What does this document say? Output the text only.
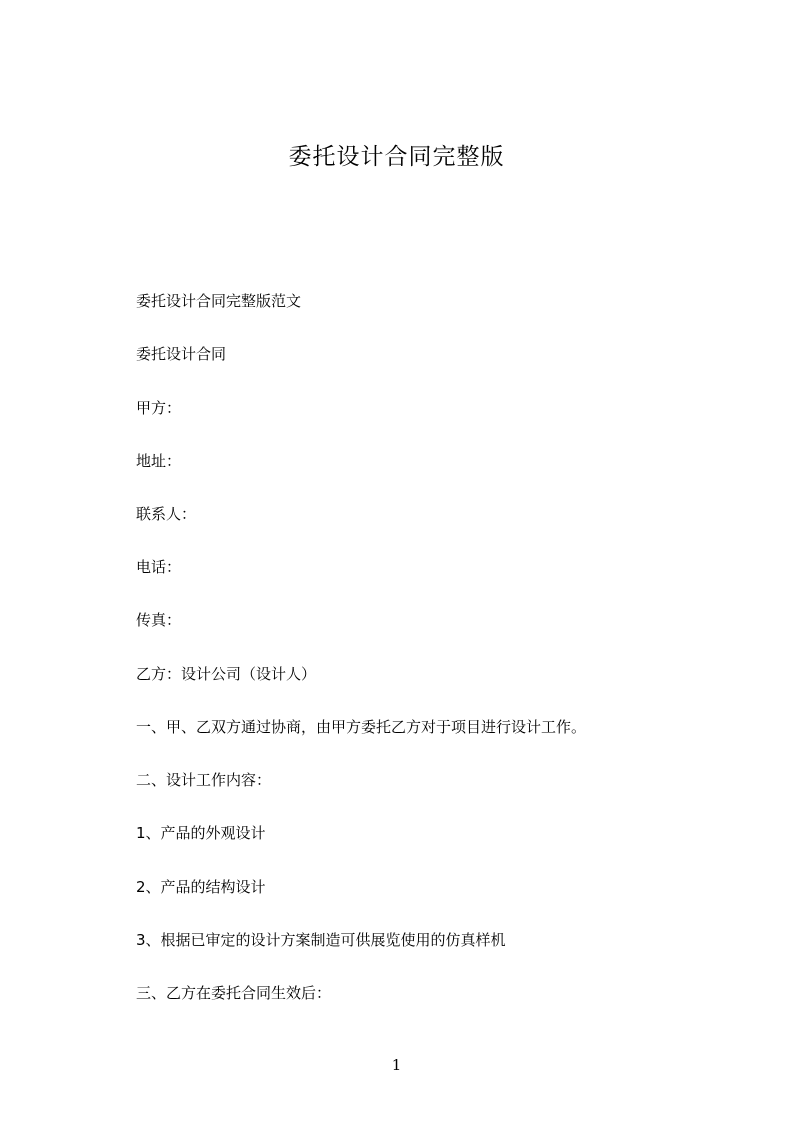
委托设计合同完整版
委托设计合同完整版范文
委托设计合同
甲方：
地址：
联系人：
电话：
传真：
乙方：设计公司（设计人）
一、甲、乙双方通过协商，由甲方委托乙方对于项目进行设计工作。
二、设计工作内容：
1、产品的外观设计
2、产品的结构设计
3、根据已审定的设计方案制造可供展览使用的仿真样机
三、乙方在委托合同生效后：
1
